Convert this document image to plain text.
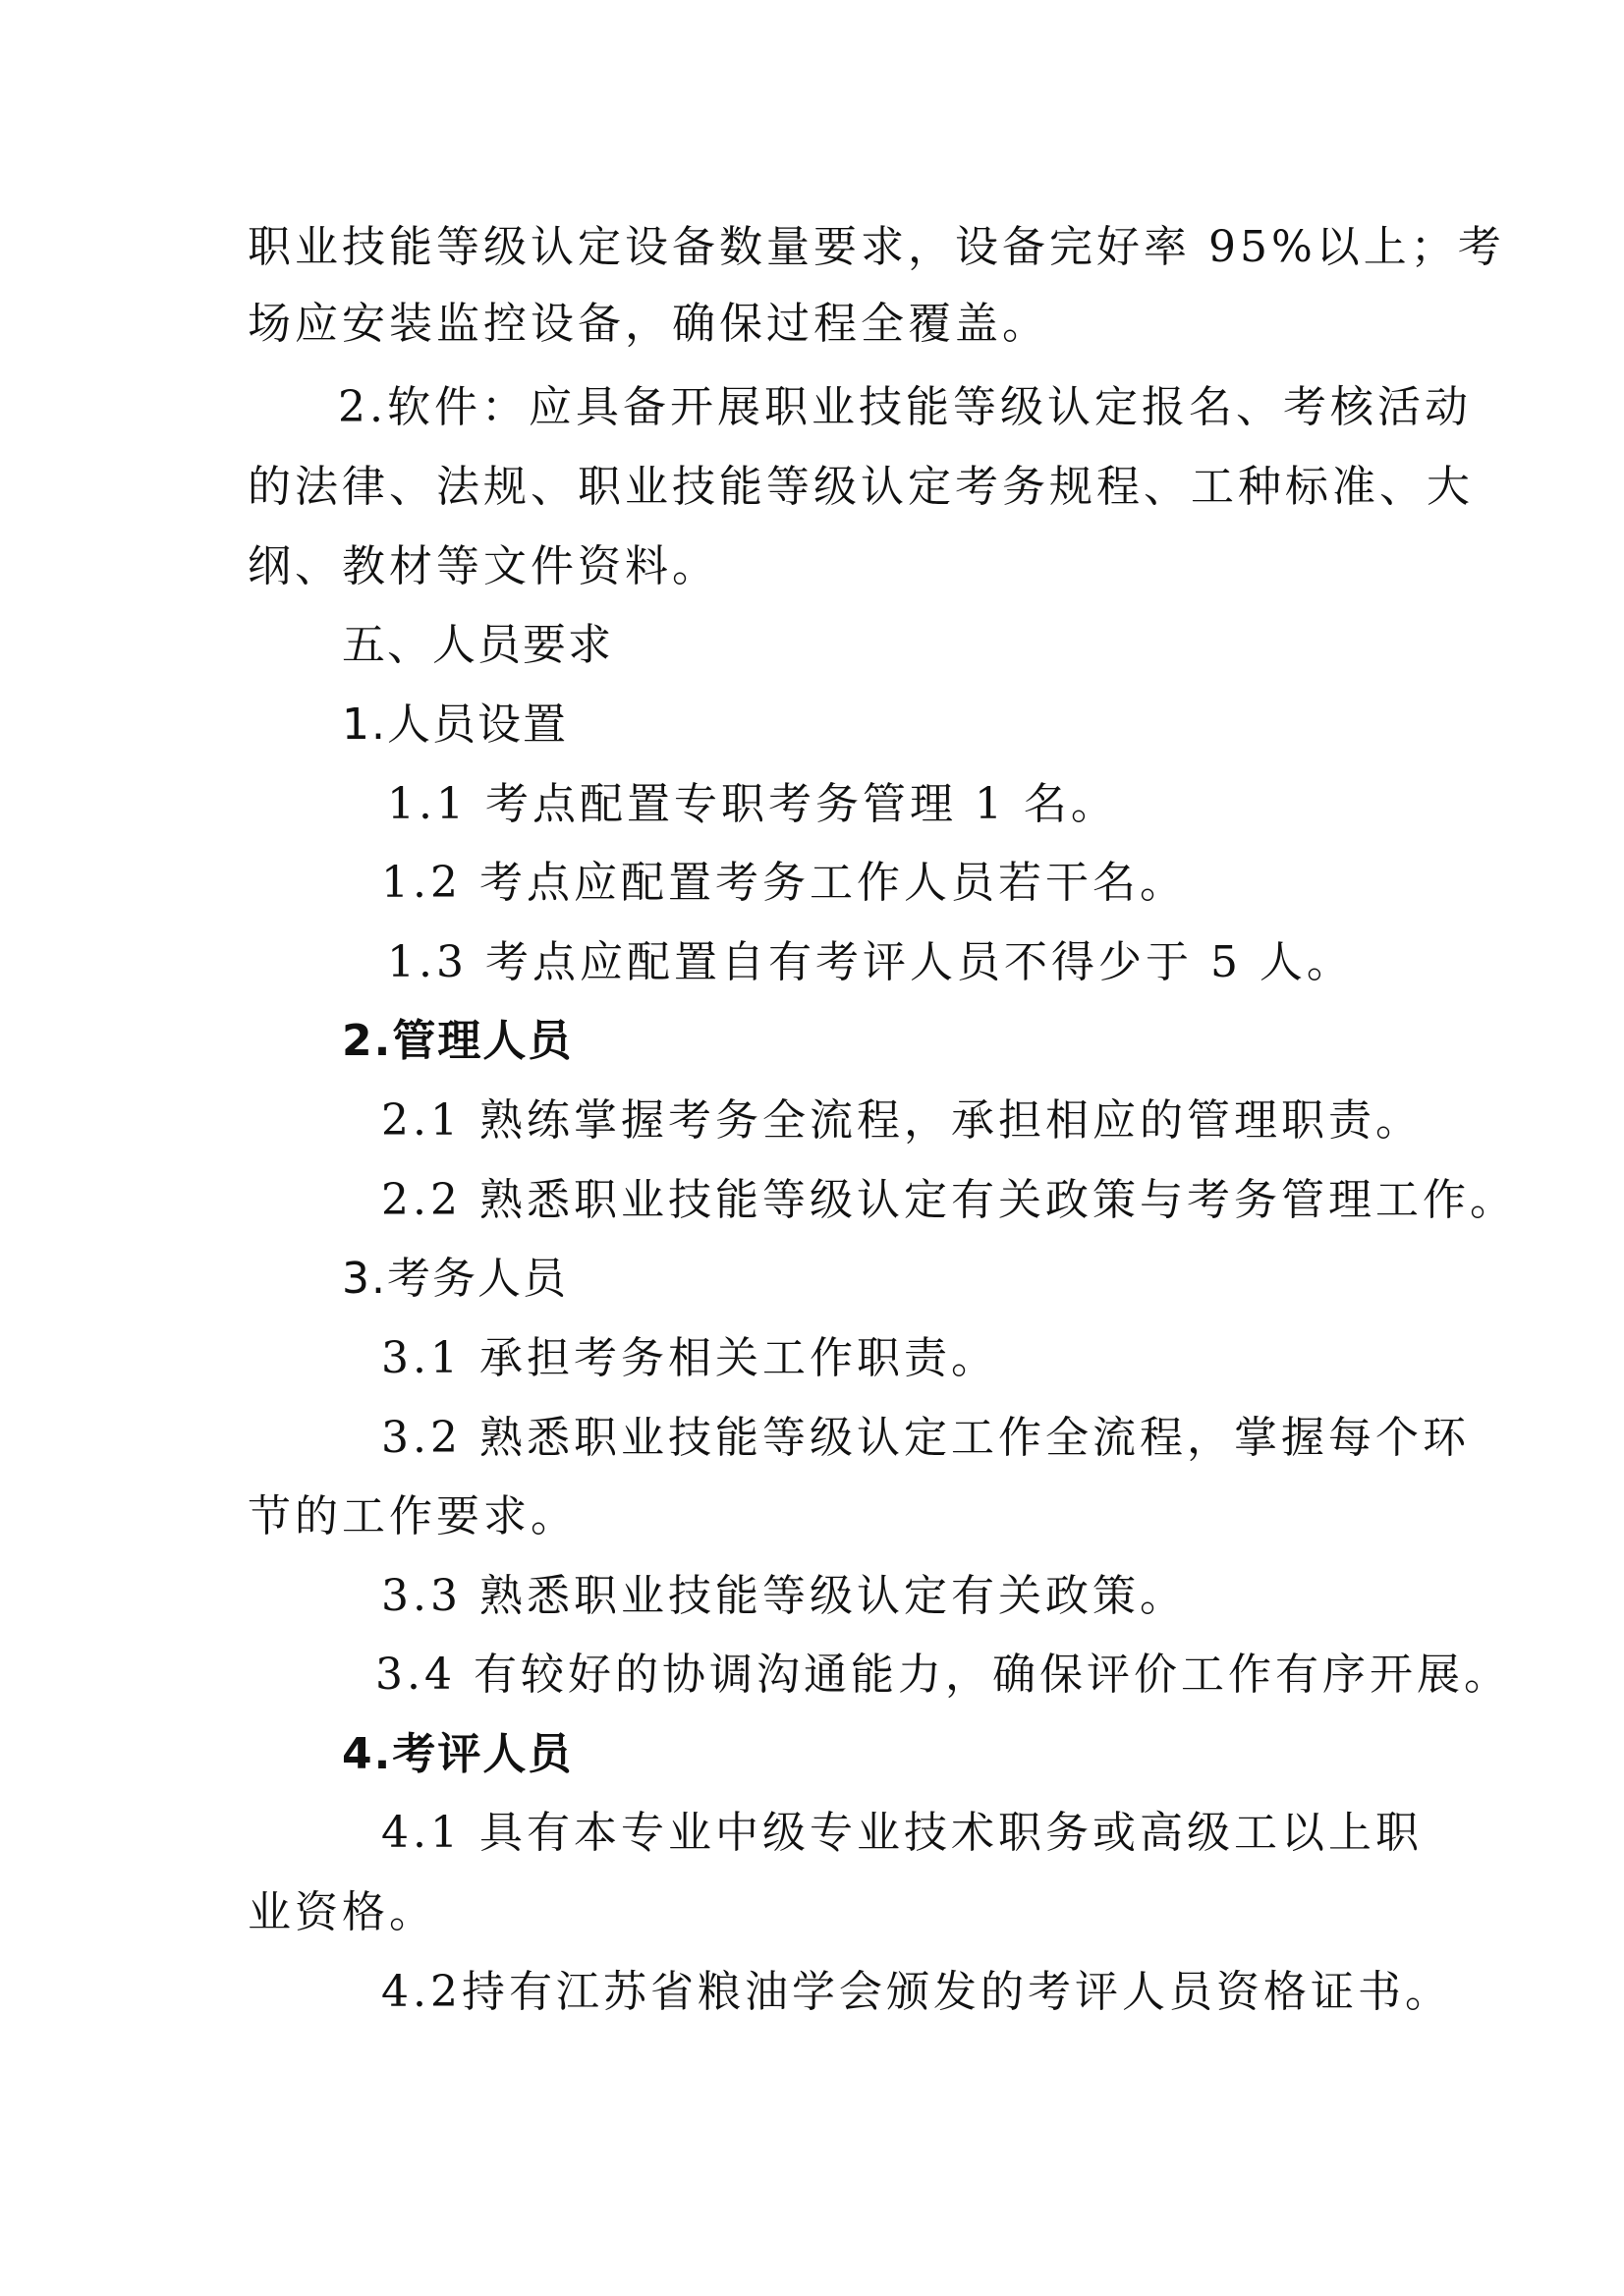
职业技能等级认定设备数量要求，设备完好率 95%以上；考
场应安装监控设备，确保过程全覆盖。
2.软件：应具备开展职业技能等级认定报名、考核活动
的法律、法规、职业技能等级认定考务规程、工种标准、大
纲、教材等文件资料。
五、人员要求
1.人员设置
1.1 考点配置专职考务管理 1 名。
1.2 考点应配置考务工作人员若干名。
1.3 考点应配置自有考评人员不得少于 5 人。
2.管理人员
2.1 熟练掌握考务全流程，承担相应的管理职责。
2.2 熟悉职业技能等级认定有关政策与考务管理工作。
3.考务人员
3.1 承担考务相关工作职责。
3.2 熟悉职业技能等级认定工作全流程，掌握每个环
节的工作要求。
3.3 熟悉职业技能等级认定有关政策。
3.4 有较好的协调沟通能力，确保评价工作有序开展。
4.考评人员
4.1 具有本专业中级专业技术职务或高级工以上职
业资格。
4.2持有江苏省粮油学会颁发的考评人员资格证书。
